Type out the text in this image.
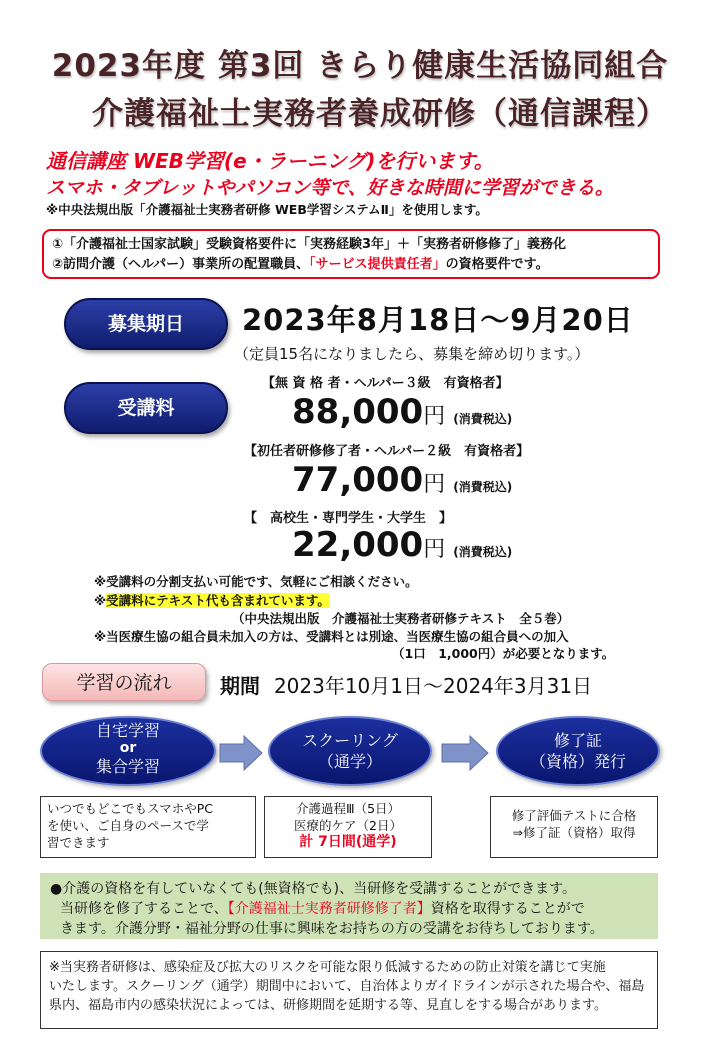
2023年度 第3回 きらり健康生活協同組合
介護福祉士実務者養成研修（通信課程）
通信講座 WEB学習(e・ラーニング)を行います。
スマホ・タブレットやパソコン等で、好きな時間に学習ができる。
※中央法規出版「介護福祉士実務者研修 WEB学習システムⅡ」を使用します。
①「介護福祉士国家試験」受験資格要件に「実務経験3年」＋「実務者研修修了」義務化
②訪問介護（ヘルパー）事業所の配置職員、「サービス提供責任者」の資格要件です。
募集期日	2023年8月18日～9月20日
（定員15名になりましたら、募集を締め切ります。）
受講料
【無 資 格 者・ヘルパー３級　有資格者】
88,000円 (消費税込)
【初任者研修修了者・ヘルパー２級　有資格者】
77,000円 (消費税込)
【　高校生・専門学生・大学生　】
22,000円 (消費税込)
※受講料の分割支払い可能です、気軽にご相談ください。
※受講料にテキスト代も含まれています。
（中央法規出版　介護福祉士実務者研修テキスト　全５巻）
※当医療生協の組合員未加入の方は、受講料とは別途、当医療生協の組合員への加入
（1口　1,000円）が必要となります。
学習の流れ	期間 2023年10月1日～2024年3月31日
自宅学習
or
集合学習
スクーリング
（通学）
修了証
（資格）発行
いつでもどこでもスマホやPC
を使い、ご自身のペースで学
習できます
介護過程Ⅲ（5日）
医療的ケア（2日）
計 7日間(通学)
修了評価テストに合格
⇒修了証（資格）取得
●介護の資格を有していなくても(無資格でも)、当研修を受講することができます。
当研修を修了することで、【介護福祉士実務者研修修了者】資格を取得することがで
きます。介護分野・福祉分野の仕事に興味をお持ちの方の受講をお待ちしております。
※当実務者研修は、感染症及び拡大のリスクを可能な限り低減するための防止対策を講じて実施
いたします。スクーリング（通学）期間中において、自治体よりガイドラインが示された場合や、福島
県内、福島市内の感染状況によっては、研修期間を延期する等、見直しをする場合があります。
